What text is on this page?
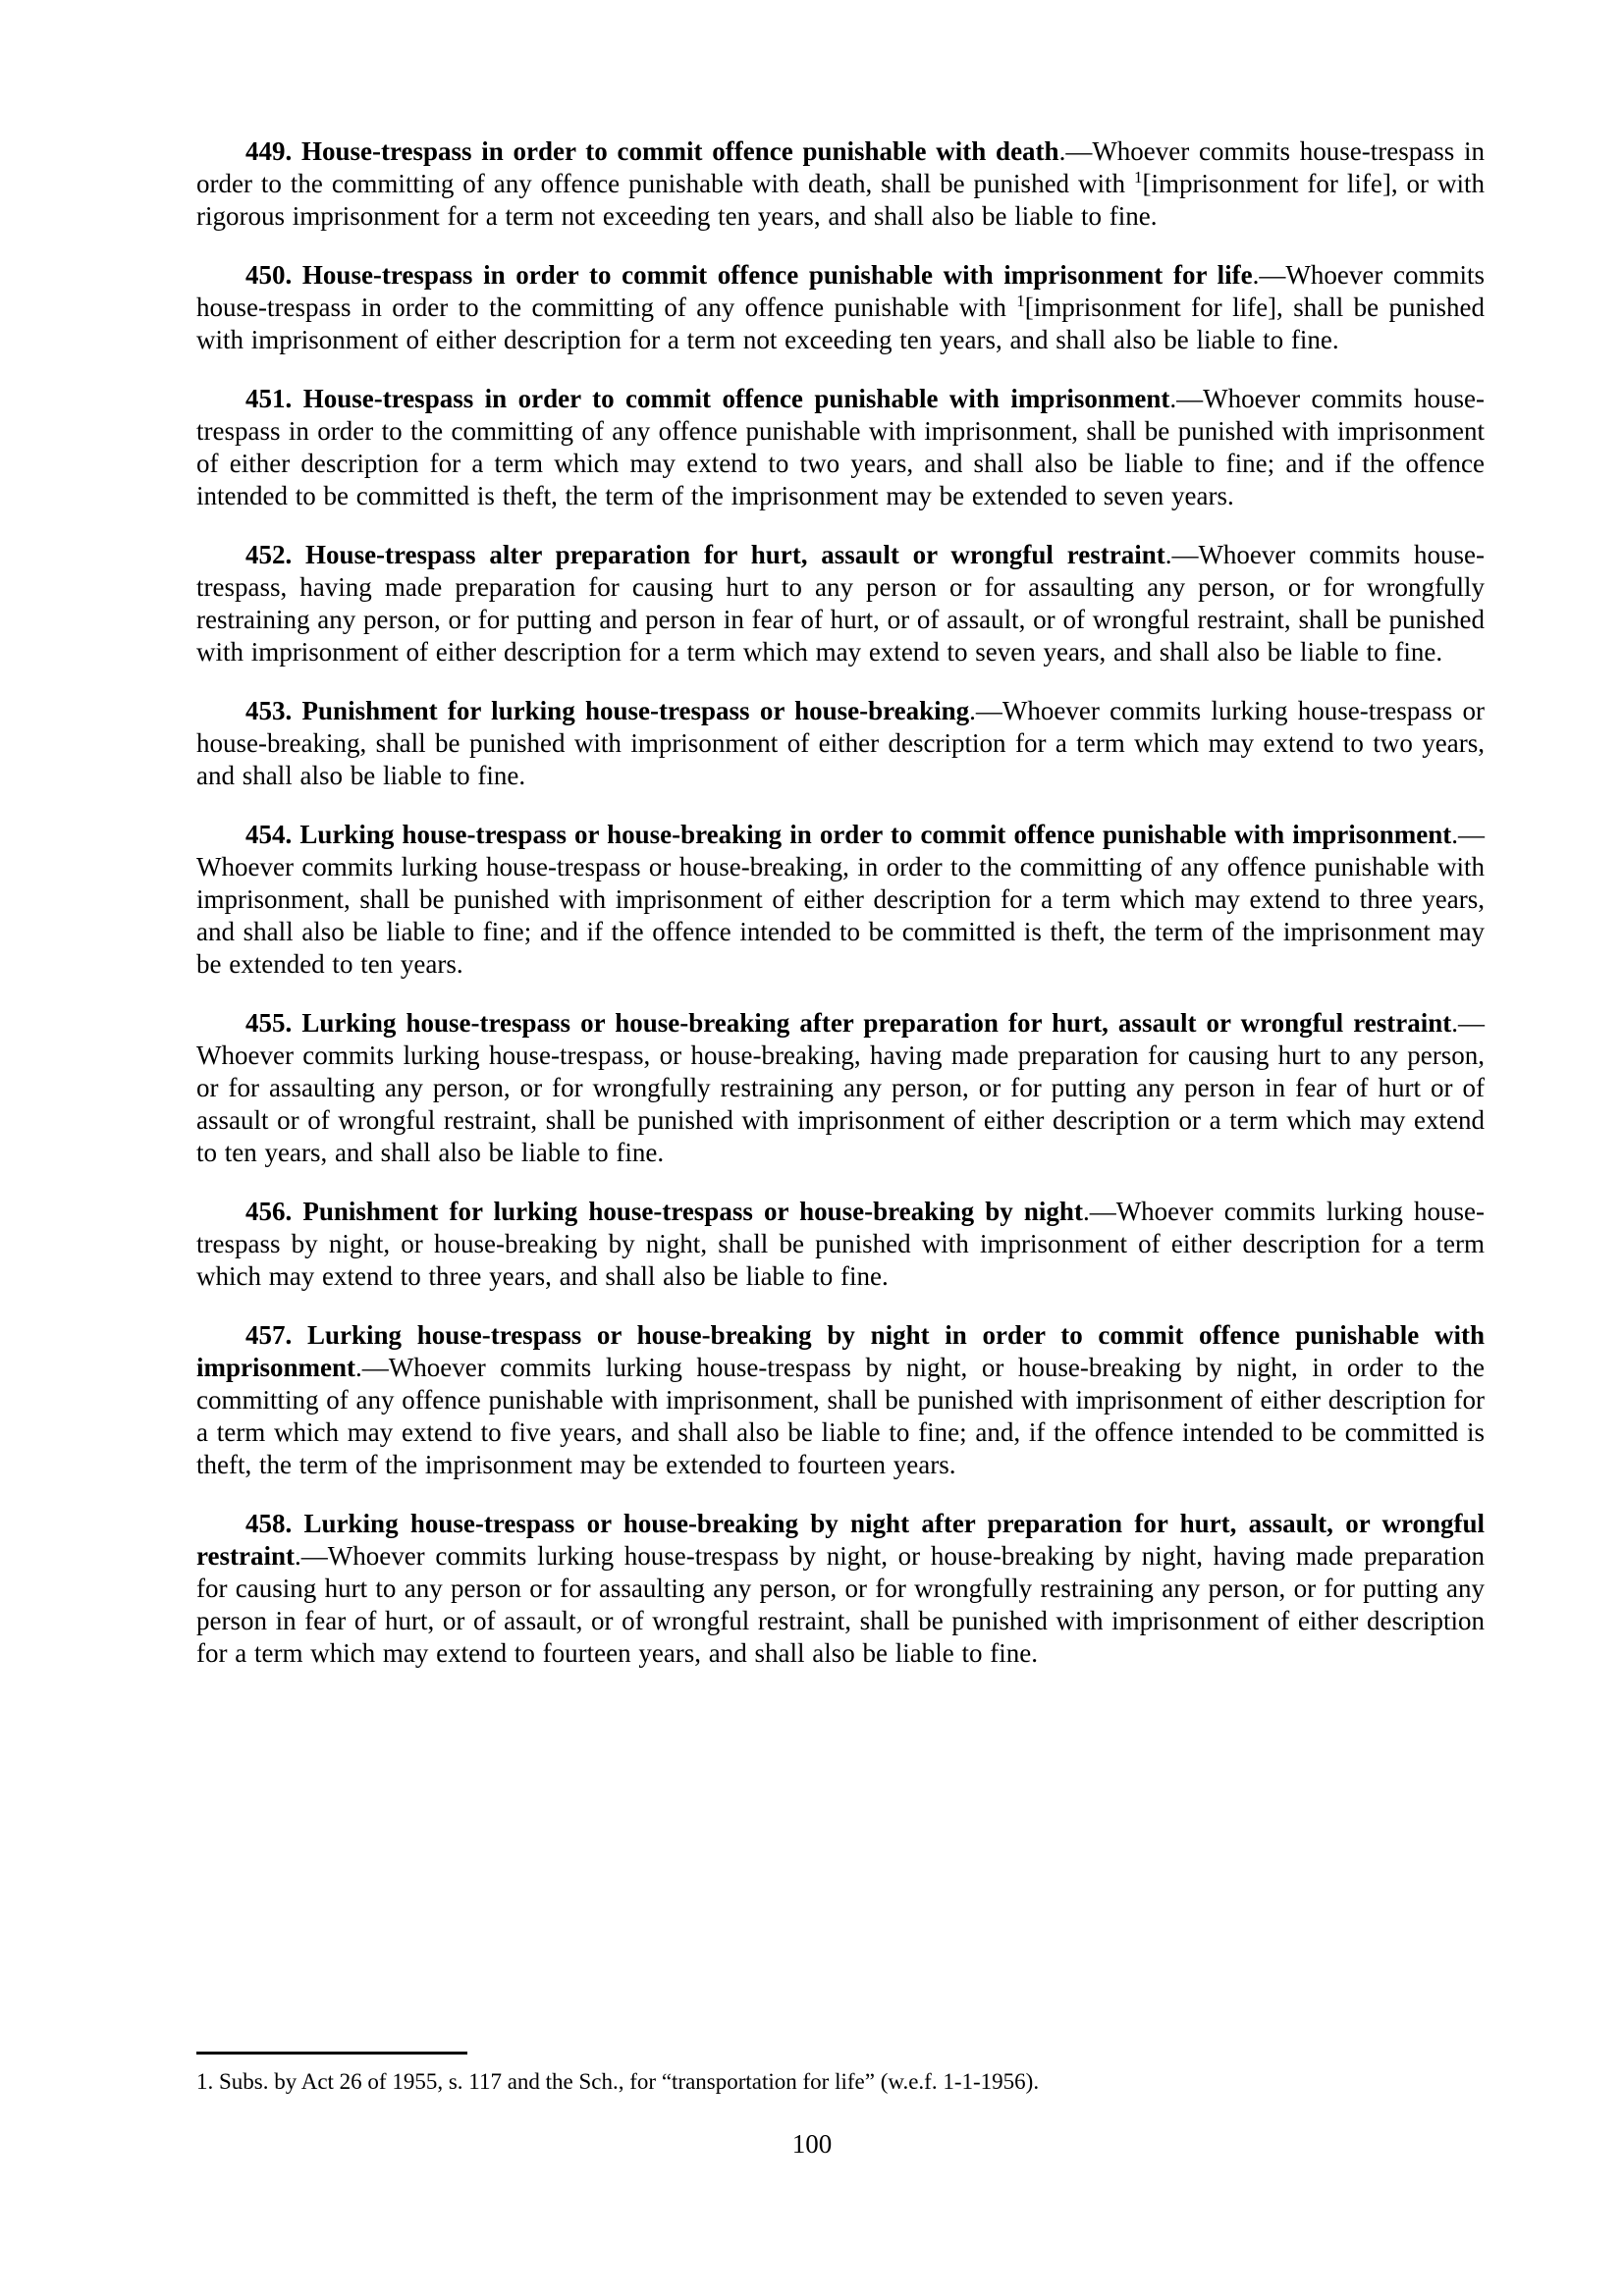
449. House-trespass in order to commit offence punishable with death.—Whoever commits house-trespass in order to the committing of any offence punishable with death, shall be punished with $^1$[imprisonment for life], or with rigorous imprisonment for a term not exceeding ten years, and shall also be liable to fine.

450. House-trespass in order to commit offence punishable with imprisonment for life.—Whoever commits house-trespass in order to the committing of any offence punishable with $^1$[imprisonment for life], shall be punished with imprisonment of either description for a term not exceeding ten years, and shall also be liable to fine.

451. House-trespass in order to commit offence punishable with imprisonment.—Whoever commits house-trespass in order to the committing of any offence punishable with imprisonment, shall be punished with imprisonment of either description for a term which may extend to two years, and shall also be liable to fine; and if the offence intended to be committed is theft, the term of the imprisonment may be extended to seven years.

452. House-trespass alter preparation for hurt, assault or wrongful restraint.—Whoever commits house-trespass, having made preparation for causing hurt to any person or for assaulting any person, or for wrongfully restraining any person, or for putting and person in fear of hurt, or of assault, or of wrongful restraint, shall be punished with imprisonment of either description for a term which may extend to seven years, and shall also be liable to fine.

453. Punishment for lurking house-trespass or house-breaking.—Whoever commits lurking house-trespass or house-breaking, shall be punished with imprisonment of either description for a term which may extend to two years, and shall also be liable to fine.

454. Lurking house-trespass or house-breaking in order to commit offence punishable with imprisonment.—Whoever commits lurking house-trespass or house-breaking, in order to the committing of any offence punishable with imprisonment, shall be punished with imprisonment of either description for a term which may extend to three years, and shall also be liable to fine; and if the offence intended to be committed is theft, the term of the imprisonment may be extended to ten years.

455. Lurking house-trespass or house-breaking after preparation for hurt, assault or wrongful restraint.—Whoever commits lurking house-trespass, or house-breaking, having made preparation for causing hurt to any person, or for assaulting any person, or for wrongfully restraining any person, or for putting any person in fear of hurt or of assault or of wrongful restraint, shall be punished with imprisonment of either description or a term which may extend to ten years, and shall also be liable to fine.

456. Punishment for lurking house-trespass or house-breaking by night.—Whoever commits lurking house-trespass by night, or house-breaking by night, shall be punished with imprisonment of either description for a term which may extend to three years, and shall also be liable to fine.

457. Lurking house-trespass or house-breaking by night in order to commit offence punishable with imprisonment.—Whoever commits lurking house-trespass by night, or house-breaking by night, in order to the committing of any offence punishable with imprisonment, shall be punished with imprisonment of either description for a term which may extend to five years, and shall also be liable to fine; and, if the offence intended to be committed is theft, the term of the imprisonment may be extended to fourteen years.

458. Lurking house-trespass or house-breaking by night after preparation for hurt, assault, or wrongful restraint.—Whoever commits lurking house-trespass by night, or house-breaking by night, having made preparation for causing hurt to any person or for assaulting any person, or for wrongfully restraining any person, or for putting any person in fear of hurt, or of assault, or of wrongful restraint, shall be punished with imprisonment of either description for a term which may extend to fourteen years, and shall also be liable to fine.

1. Subs. by Act 26 of 1955, s. 117 and the Sch., for “transportation for life” (w.e.f. 1-1-1956).
100
